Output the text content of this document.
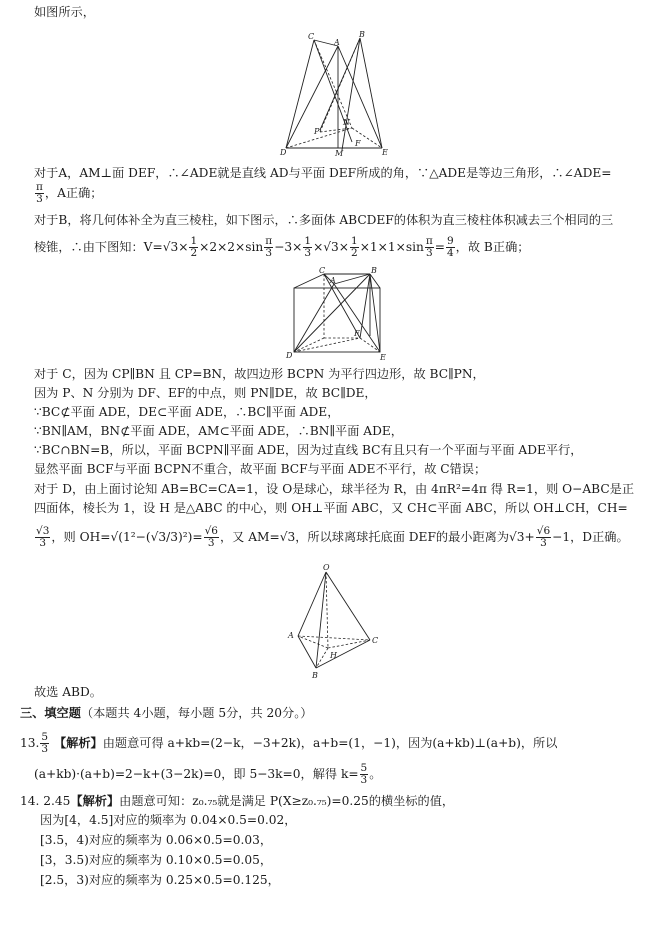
如图所示，
C
A
B
D	M	E
P
N
F
对于A，AM⊥面 DEF，∴∠ADE就是直线 AD与平面 DEF所成的角，∵△ADE是等边三角形，∴∠ADE=
$\frac{\pi}{3}$ ，A正确；
对于B，将几何体补全为直三棱柱，如下图示，∴多面体 ABCDEF的体积为直三棱柱体积减去三个相同的三
棱锥，∴由下图知：$V=√3\times \frac{1}{2} \times 2\times 2\times\sin \frac{\pi}{3} -3\times \frac{1}{3} \times√3\times \frac{1}{2} \times 1\times 1\times\sin \frac{\pi}{3} = \frac{9}{4}$ ，故 B正确；
C
A
B
D	E
F
对于 C，因为 CP∥BN 且 CP=BN，故四边形 BCPN 为平行四边形，故 BC∥PN，
因为 P、N 分别为 DF、EF的中点，则 PN∥DE，故 BC∥DE，
∵BC⊄平面 ADE，DE⊂平面 ADE，∴BC∥平面 ADE，
∵BN∥AM，BN⊄平面 ADE，AM⊂平面 ADE，∴BN∥平面 ADE，
∵BC∩BN=B，所以，平面 BCPN∥平面 ADE，因为过直线 BC有且只有一个平面与平面 ADE平行，
显然平面 BCF与平面 BCPN不重合，故平面 BCF与平面 ADE不平行，故 C错误；
对于 D，由上面讨论知 AB=BC=CA=1，设 O是球心，球半径为 R，由 4πR²=4π 得 R=1，则 O−ABC是正
四面体，棱长为 1，设 H 是△ABC 的中心，则 OH⊥平面 ABC，又 CH⊂平面 ABC，所以 OH⊥CH，CH=
$\frac{√3}{3}$ ，则 $OH=√(1^2-(√3/3)^2)= \frac{√6}{3}$ ，又 AM=√3，所以球离球托底面 DEF的最小距离为$√3+ \frac{√6}{3} -1$，D正确。
O
A
C
H
B
故选 ABD。
三、填空题（本题共 4小题，每小题 5分，共 20分。）
13. $\frac{5}{3}$ 【解析】由题意可得 a+kb=(2−k，−3+2k)，a+b=(1，−1)，因为(a+kb)⊥(a+b)，所以
(a+kb)·(a+b)=2−k+(3−2k)=0，即 5−3k=0，解得 $k= \frac{5}{3}$ 。
14. 2.45【解析】由题意可知：z₀.₇₅就是满足 P(X≥z₀.₇₅)=0.25的横坐标的值，
因为[4，4.5]对应的频率为 0.04×0.5=0.02，
[3.5，4)对应的频率为 0.06×0.5=0.03，
[3，3.5)对应的频率为 0.10×0.5=0.05，
[2.5，3)对应的频率为 0.25×0.5=0.125，
